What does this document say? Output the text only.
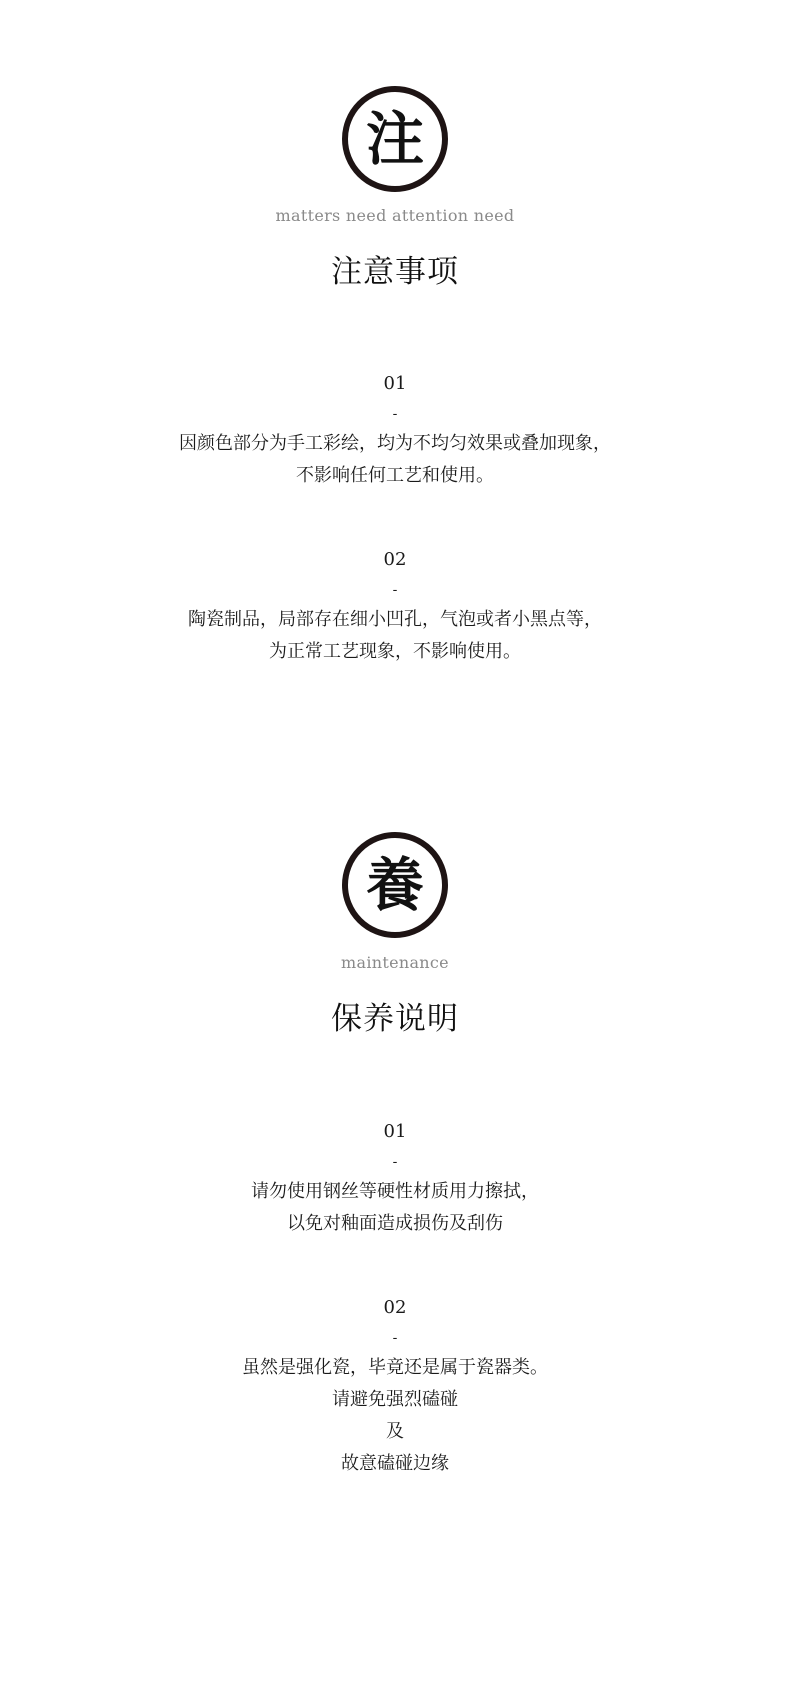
注
matters need attention need
注意事项
01
-
因颜色部分为手工彩绘，均为不均匀效果或叠加现象，
不影响任何工艺和使用。
02
-
陶瓷制品，局部存在细小凹孔，气泡或者小黑点等，
为正常工艺现象，不影响使用。
養
maintenance
保养说明
01
-
请勿使用钢丝等硬性材质用力擦拭，
以免对釉面造成损伤及刮伤
02
-
虽然是强化瓷，毕竟还是属于瓷器类。
请避免强烈磕碰
及
故意磕碰边缘
